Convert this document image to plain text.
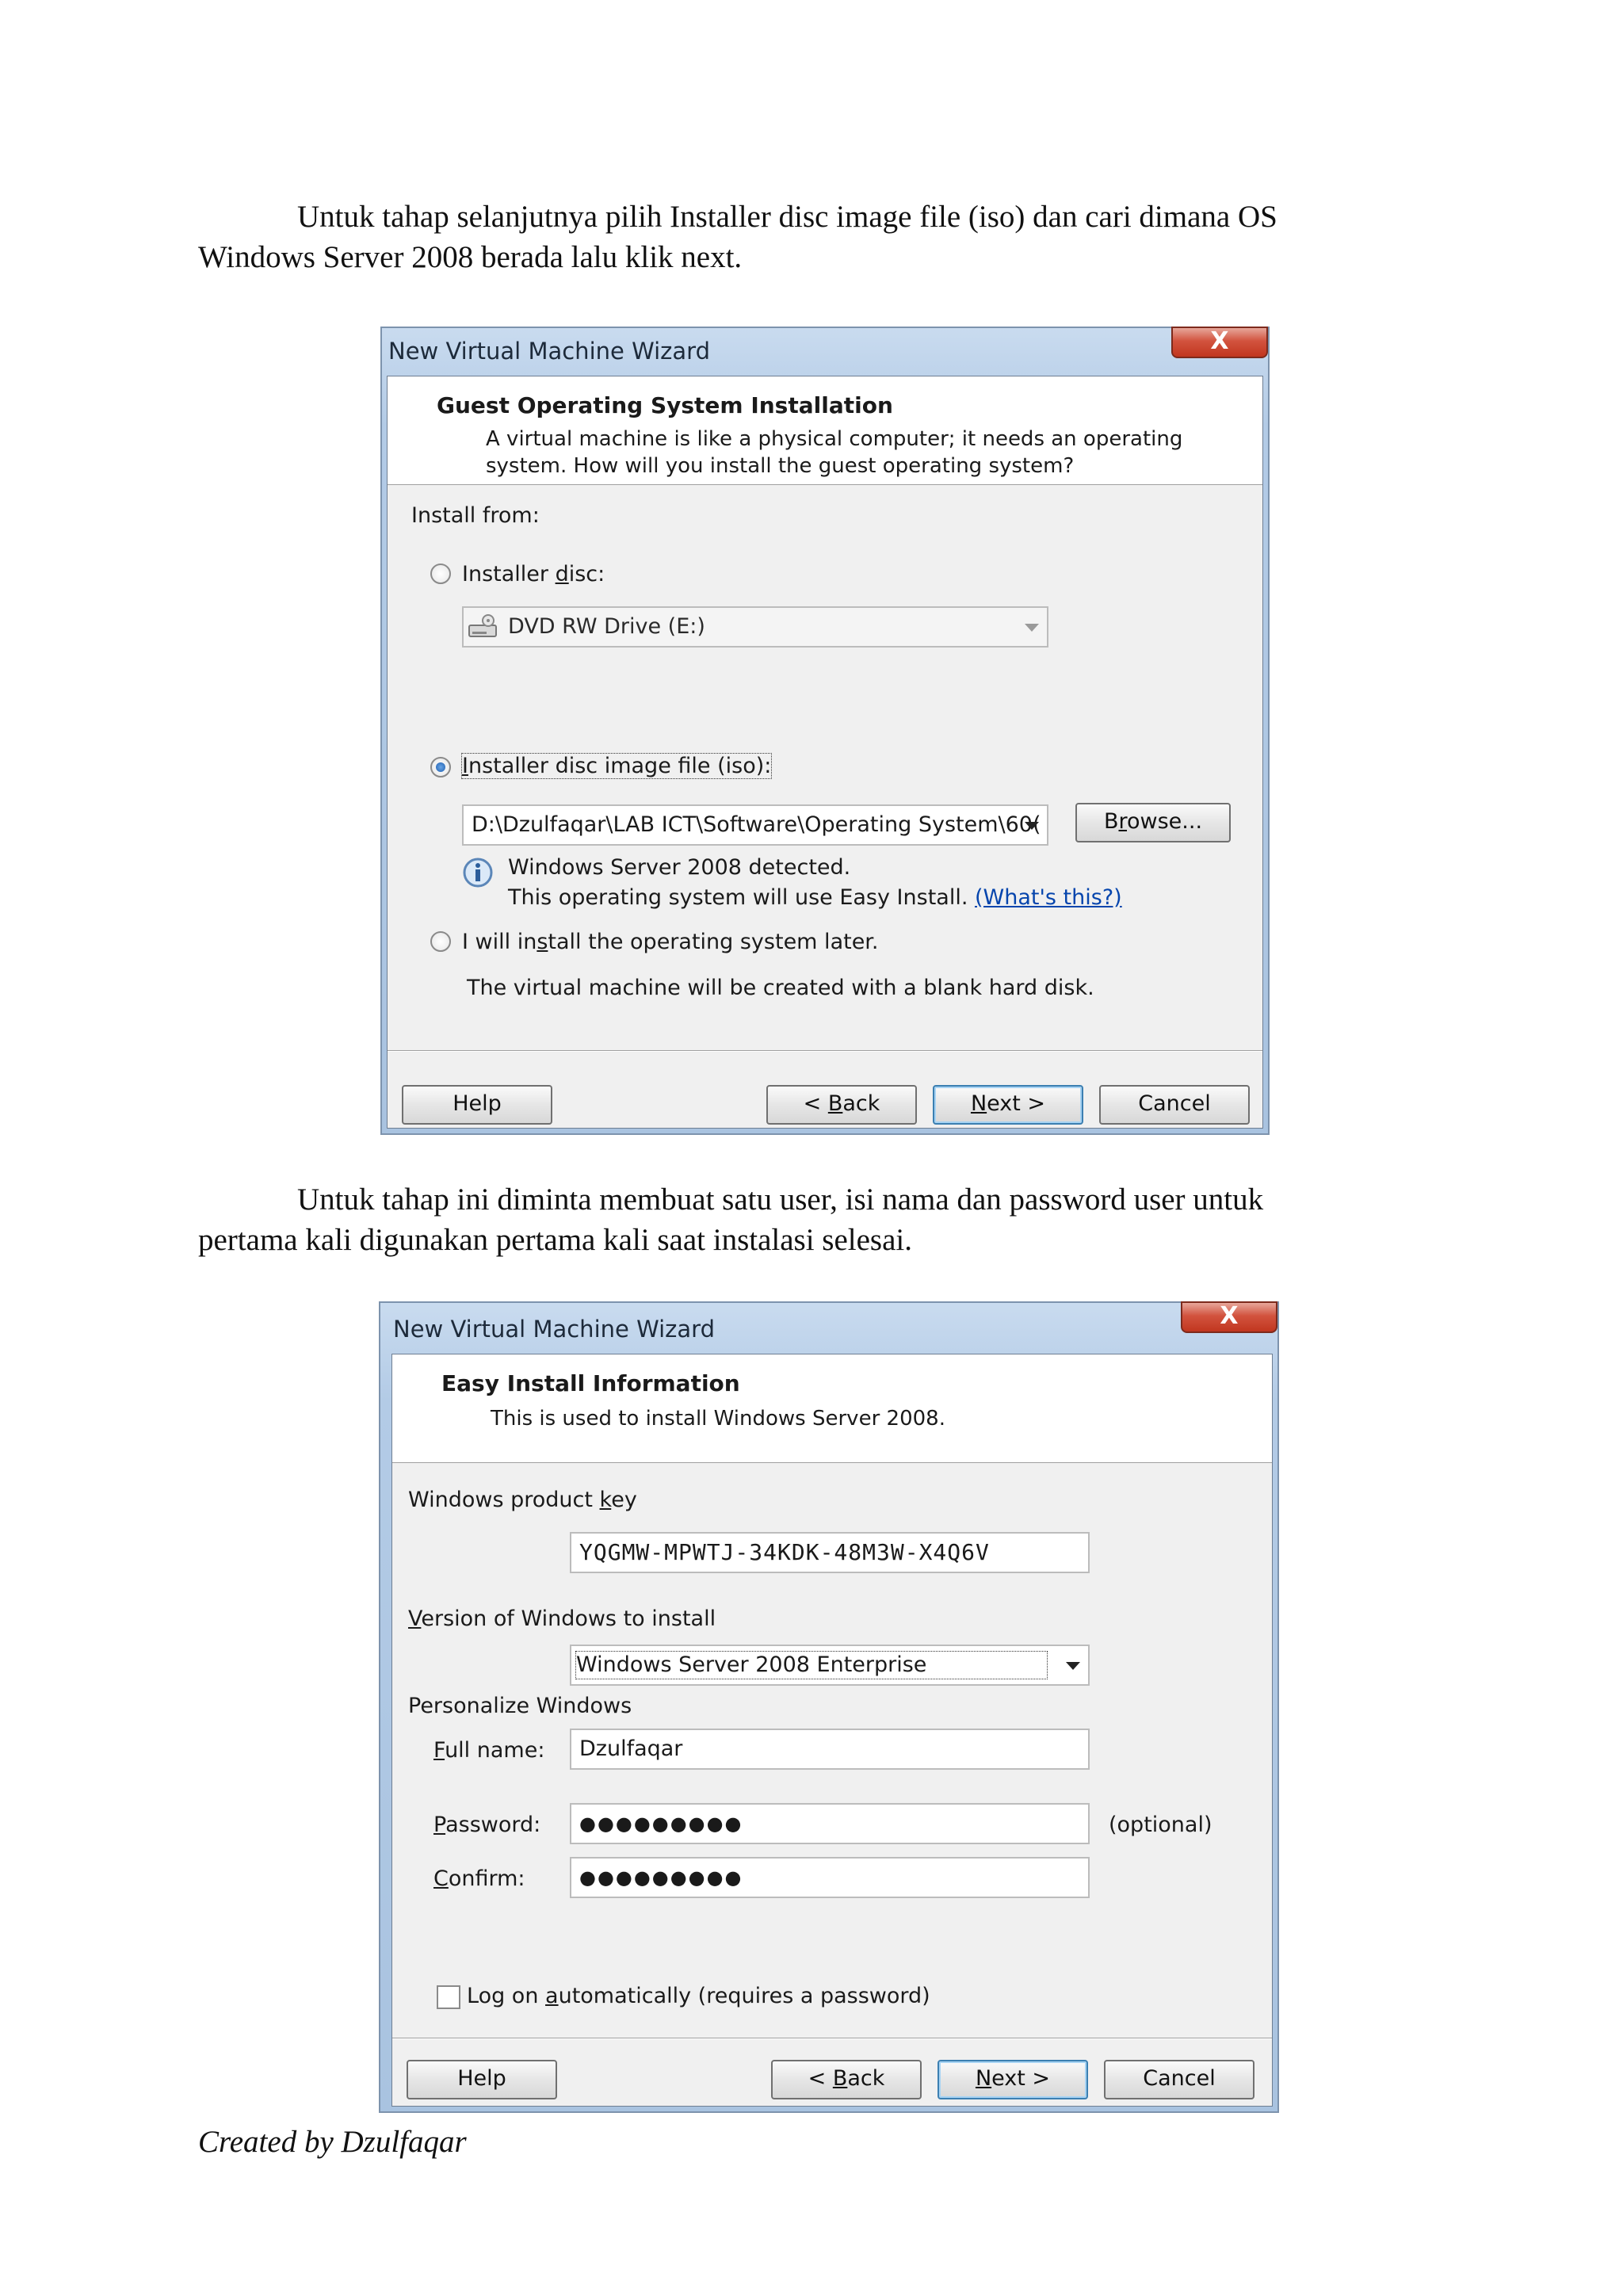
Untuk tahap selanjutnya pilih Installer disc image file (iso) dan cari dimana OS
Windows Server 2008 berada lalu klik next.

New Virtual Machine Wizard	X
Guest Operating System Installation
A virtual machine is like a physical computer; it needs an operating
system. How will you install the guest operating system?
Install from:
Installer disc:
DVD RW Drive (E:)
Installer disc image file (iso):
D:\Dzulfaqar\LAB ICT\Software\Operating System\60(	Browse...
Windows Server 2008 detected.
This operating system will use Easy Install. (What's this?)
I will install the operating system later.
The virtual machine will be created with a blank hard disk.
Help	< Back	Next >	Cancel

Untuk tahap ini diminta membuat satu user, isi nama dan password user untuk
pertama kali digunakan pertama kali saat instalasi selesai.

New Virtual Machine Wizard	X
Easy Install Information
This is used to install Windows Server 2008.
Windows product key
YQGMW-MPWTJ-34KDK-48M3W-X4Q6V
Version of Windows to install
Windows Server 2008 Enterprise
Personalize Windows
Full name:	Dzulfaqar
Password:	●●●●●●●●●	(optional)
Confirm:	●●●●●●●●●
Log on automatically (requires a password)
Help	< Back	Next >	Cancel
Created by Dzulfaqar
